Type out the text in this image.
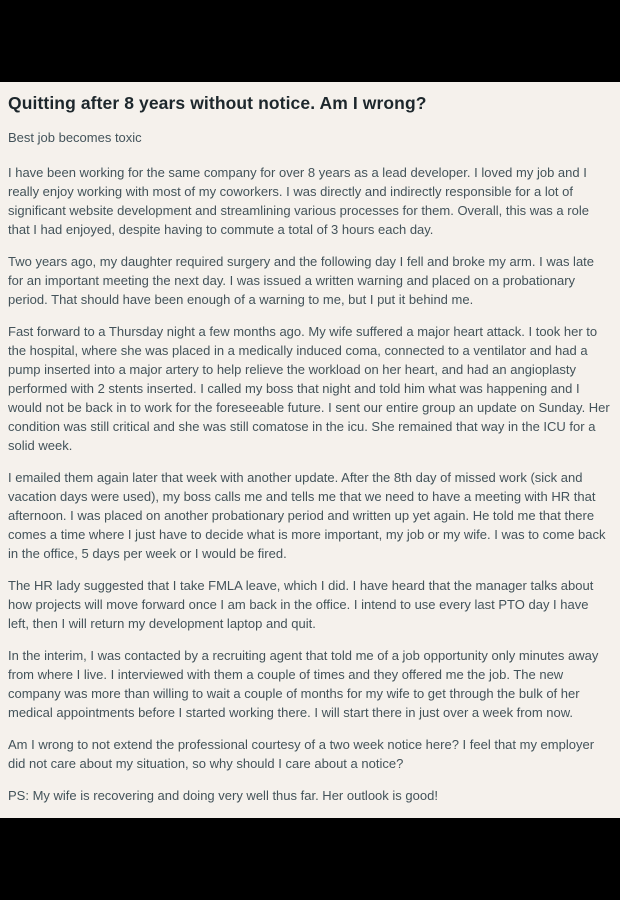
Quitting after 8 years without notice. Am I wrong?

Best job becomes toxic

I have been working for the same company for over 8 years as a lead developer. I loved my job and I really enjoy working with most of my coworkers. I was directly and indirectly responsible for a lot of significant website development and streamlining various processes for them. Overall, this was a role that I had enjoyed, despite having to commute a total of 3 hours each day.

Two years ago, my daughter required surgery and the following day I fell and broke my arm. I was late for an important meeting the next day. I was issued a written warning and placed on a probationary period. That should have been enough of a warning to me, but I put it behind me.

Fast forward to a Thursday night a few months ago. My wife suffered a major heart attack. I took her to the hospital, where she was placed in a medically induced coma, connected to a ventilator and had a pump inserted into a major artery to help relieve the workload on her heart, and had an angioplasty performed with 2 stents inserted. I called my boss that night and told him what was happening and I would not be back in to work for the foreseeable future. I sent our entire group an update on Sunday. Her condition was still critical and she was still comatose in the icu. She remained that way in the ICU for a solid week.

I emailed them again later that week with another update. After the 8th day of missed work (sick and vacation days were used), my boss calls me and tells me that we need to have a meeting with HR that afternoon. I was placed on another probationary period and written up yet again. He told me that there comes a time where I just have to decide what is more important, my job or my wife. I was to come back in the office, 5 days per week or I would be fired.

The HR lady suggested that I take FMLA leave, which I did. I have heard that the manager talks about how projects will move forward once I am back in the office. I intend to use every last PTO day I have left, then I will return my development laptop and quit.

In the interim, I was contacted by a recruiting agent that told me of a job opportunity only minutes away from where I live. I interviewed with them a couple of times and they offered me the job. The new company was more than willing to wait a couple of months for my wife to get through the bulk of her medical appointments before I started working there. I will start there in just over a week from now.

Am I wrong to not extend the professional courtesy of a two week notice here? I feel that my employer did not care about my situation, so why should I care about a notice?

PS: My wife is recovering and doing very well thus far. Her outlook is good!
